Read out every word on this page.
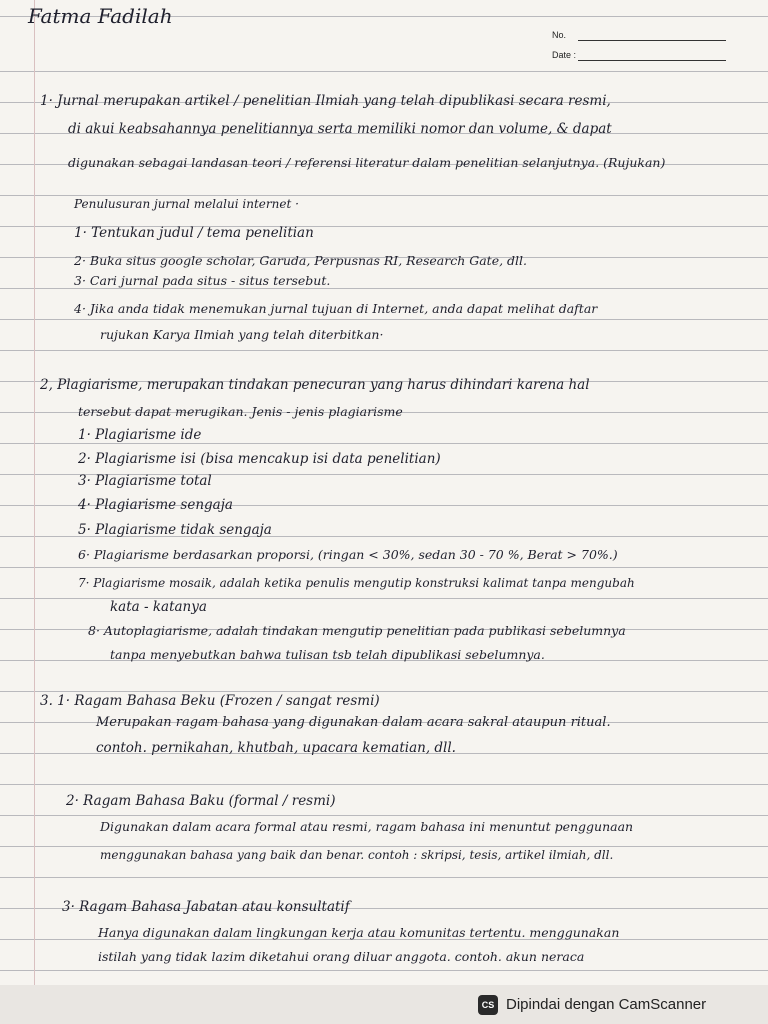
Fatma Fadilah
No.
Date :
1· Jurnal merupakan artikel / penelitian Ilmiah yang telah dipublikasi secara resmi,
di akui keabsahannya penelitiannya serta memiliki nomor dan volume, & dapat
digunakan sebagai landasan teori / referensi literatur dalam penelitian selanjutnya. (Rujukan)
Penulusuran jurnal melalui internet ·
1· Tentukan judul / tema penelitian
2· Buka situs google scholar, Garuda, Perpusnas RI, Research Gate, dll.
3· Cari jurnal pada situs - situs tersebut.
4· Jika anda tidak menemukan jurnal tujuan di Internet, anda dapat melihat daftar
rujukan Karya Ilmiah yang telah diterbitkan·
2, Plagiarisme, merupakan tindakan penecuran yang harus dihindari karena hal
tersebut dapat merugikan. Jenis - jenis plagiarisme
1· Plagiarisme ide
2· Plagiarisme isi (bisa mencakup isi data penelitian)
3· Plagiarisme total
4· Plagiarisme sengaja
5· Plagiarisme tidak sengaja
6· Plagiarisme berdasarkan proporsi, (ringan < 30%, sedan 30 - 70 %, Berat > 70%.)
7· Plagiarisme mosaik, adalah ketika penulis mengutip konstruksi kalimat tanpa mengubah
kata - katanya
8· Autoplagiarisme, adalah tindakan mengutip penelitian pada publikasi sebelumnya
tanpa menyebutkan bahwa tulisan tsb telah dipublikasi sebelumnya.
3. 1· Ragam Bahasa Beku (Frozen / sangat resmi)
Merupakan ragam bahasa yang digunakan dalam acara sakral ataupun ritual.
contoh. pernikahan, khutbah, upacara kematian, dll.
2· Ragam Bahasa Baku (formal / resmi)
Digunakan dalam acara formal atau resmi, ragam bahasa ini menuntut penggunaan
menggunakan bahasa yang baik dan benar. contoh : skripsi, tesis, artikel ilmiah, dll.
3· Ragam Bahasa Jabatan atau konsultatif
Hanya digunakan dalam lingkungan kerja atau komunitas tertentu. menggunakan
istilah yang tidak lazim diketahui orang diluar anggota. contoh. akun neraca
CS Dipindai dengan CamScanner
